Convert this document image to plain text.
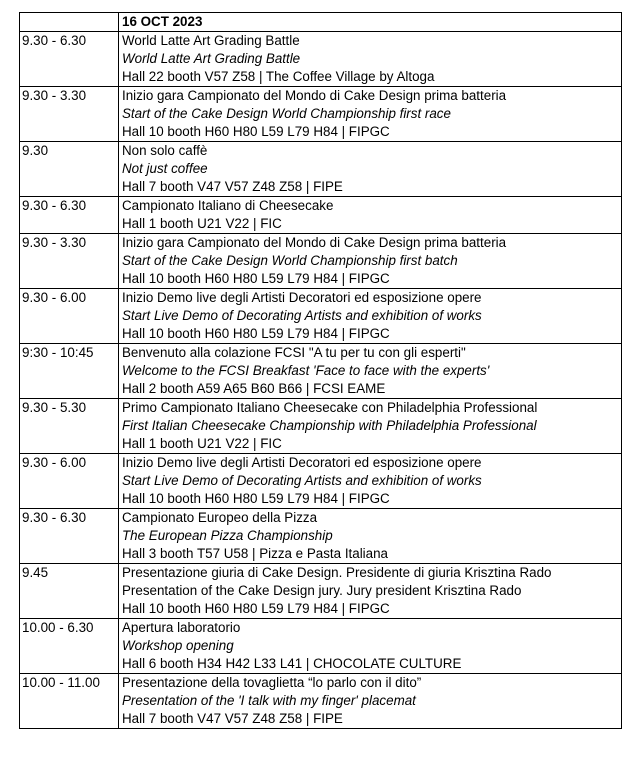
	16 OCT 2023
9.30 - 6.30	World Latte Art Grading Battle
World Latte Art Grading Battle
Hall 22 booth V57 Z58 | The Coffee Village by Altoga

9.30 - 3.30	Inizio gara Campionato del Mondo di Cake Design prima batteria
Start of the Cake Design World Championship first race
Hall 10 booth H60 H80 L59 L79 H84 | FIPGC

9.30	Non solo caffè
Not just coffee
Hall 7 booth V47 V57 Z48 Z58 | FIPE

9.30 - 6.30	Campionato Italiano di Cheesecake
Hall 1 booth U21 V22 | FIC

9.30 - 3.30	Inizio gara Campionato del Mondo di Cake Design prima batteria
Start of the Cake Design World Championship first batch
Hall 10 booth H60 H80 L59 L79 H84 | FIPGC

9.30 - 6.00	Inizio Demo live degli Artisti Decoratori ed esposizione opere
Start Live Demo of Decorating Artists and exhibition of works
Hall 10 booth H60 H80 L59 L79 H84 | FIPGC

9:30 - 10:45	Benvenuto alla colazione FCSI "A tu per tu con gli esperti"
Welcome to the FCSI Breakfast 'Face to face with the experts'
Hall 2 booth A59 A65 B60 B66 | FCSI EAME

9.30 - 5.30	Primo Campionato Italiano Cheesecake con Philadelphia Professional
First Italian Cheesecake Championship with Philadelphia Professional
Hall 1 booth U21 V22 | FIC

9.30 - 6.00	Inizio Demo live degli Artisti Decoratori ed esposizione opere
Start Live Demo of Decorating Artists and exhibition of works
Hall 10 booth H60 H80 L59 L79 H84 | FIPGC

9.30 - 6.30	Campionato Europeo della Pizza
The European Pizza Championship
Hall 3 booth T57 U58 | Pizza e Pasta Italiana

9.45	Presentazione giuria di Cake Design. Presidente di giuria Krisztina Rado
Presentation of the Cake Design jury. Jury president Krisztina Rado
Hall 10 booth H60 H80 L59 L79 H84 | FIPGC

10.00 - 6.30	Apertura laboratorio
Workshop opening
Hall 6 booth H34 H42 L33 L41 | CHOCOLATE CULTURE

10.00 - 11.00	Presentazione della tovaglietta “lo parlo con il dito”
Presentation of the 'I talk with my finger' placemat
Hall 7 booth V47 V57 Z48 Z58 | FIPE
